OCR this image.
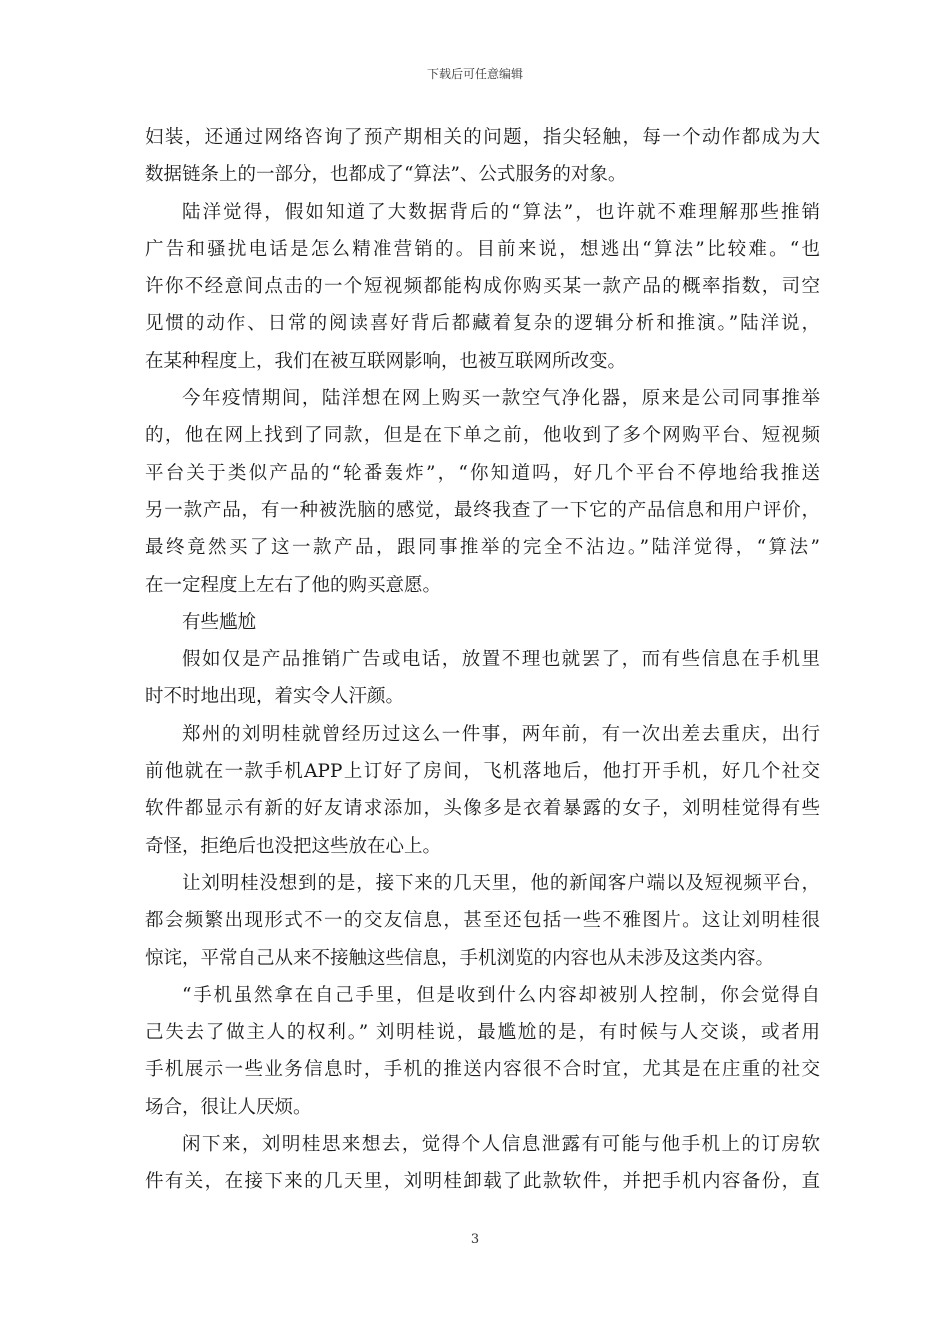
下载后可任意编辑
妇装，还通过网络咨询了预产期相关的问题，指尖轻触，每一个动作都成为大
数据链条上的一部分，也都成了“算法”、公式服务的对象。
陆洋觉得，假如知道了大数据背后的“算法”，也许就不难理解那些推销
广告和骚扰电话是怎么精准营销的。目前来说，想逃出“算法”比较难。“也
许你不经意间点击的一个短视频都能构成你购买某一款产品的概率指数，司空
见惯的动作、日常的阅读喜好背后都藏着复杂的逻辑分析和推演。”陆洋说，
在某种程度上，我们在被互联网影响，也被互联网所改变。
今年疫情期间，陆洋想在网上购买一款空气净化器，原来是公司同事推举
的，他在网上找到了同款，但是在下单之前，他收到了多个网购平台、短视频
平台关于类似产品的“轮番轰炸”，“你知道吗，好几个平台不停地给我推送
另一款产品，有一种被洗脑的感觉，最终我查了一下它的产品信息和用户评价，
最终竟然买了这一款产品，跟同事推举的完全不沾边。”陆洋觉得，“算法”
在一定程度上左右了他的购买意愿。
有些尴尬
假如仅是产品推销广告或电话，放置不理也就罢了，而有些信息在手机里
时不时地出现，着实令人汗颜。
郑州的刘明桂就曾经历过这么一件事，两年前，有一次出差去重庆，出行
前他就在一款手机APP上订好了房间，飞机落地后，他打开手机，好几个社交
软件都显示有新的好友请求添加，头像多是衣着暴露的女子，刘明桂觉得有些
奇怪，拒绝后也没把这些放在心上。
让刘明桂没想到的是，接下来的几天里，他的新闻客户端以及短视频平台，
都会频繁出现形式不一的交友信息，甚至还包括一些不雅图片。这让刘明桂很
惊诧，平常自己从来不接触这些信息，手机浏览的内容也从未涉及这类内容。
“手机虽然拿在自己手里，但是收到什么内容却被别人控制，你会觉得自
己失去了做主人的权利。” 刘明桂说，最尴尬的是，有时候与人交谈，或者用
手机展示一些业务信息时，手机的推送内容很不合时宜，尤其是在庄重的社交
场合，很让人厌烦。
闲下来，刘明桂思来想去，觉得个人信息泄露有可能与他手机上的订房软
件有关，在接下来的几天里，刘明桂卸载了此款软件，并把手机内容备份，直
3
